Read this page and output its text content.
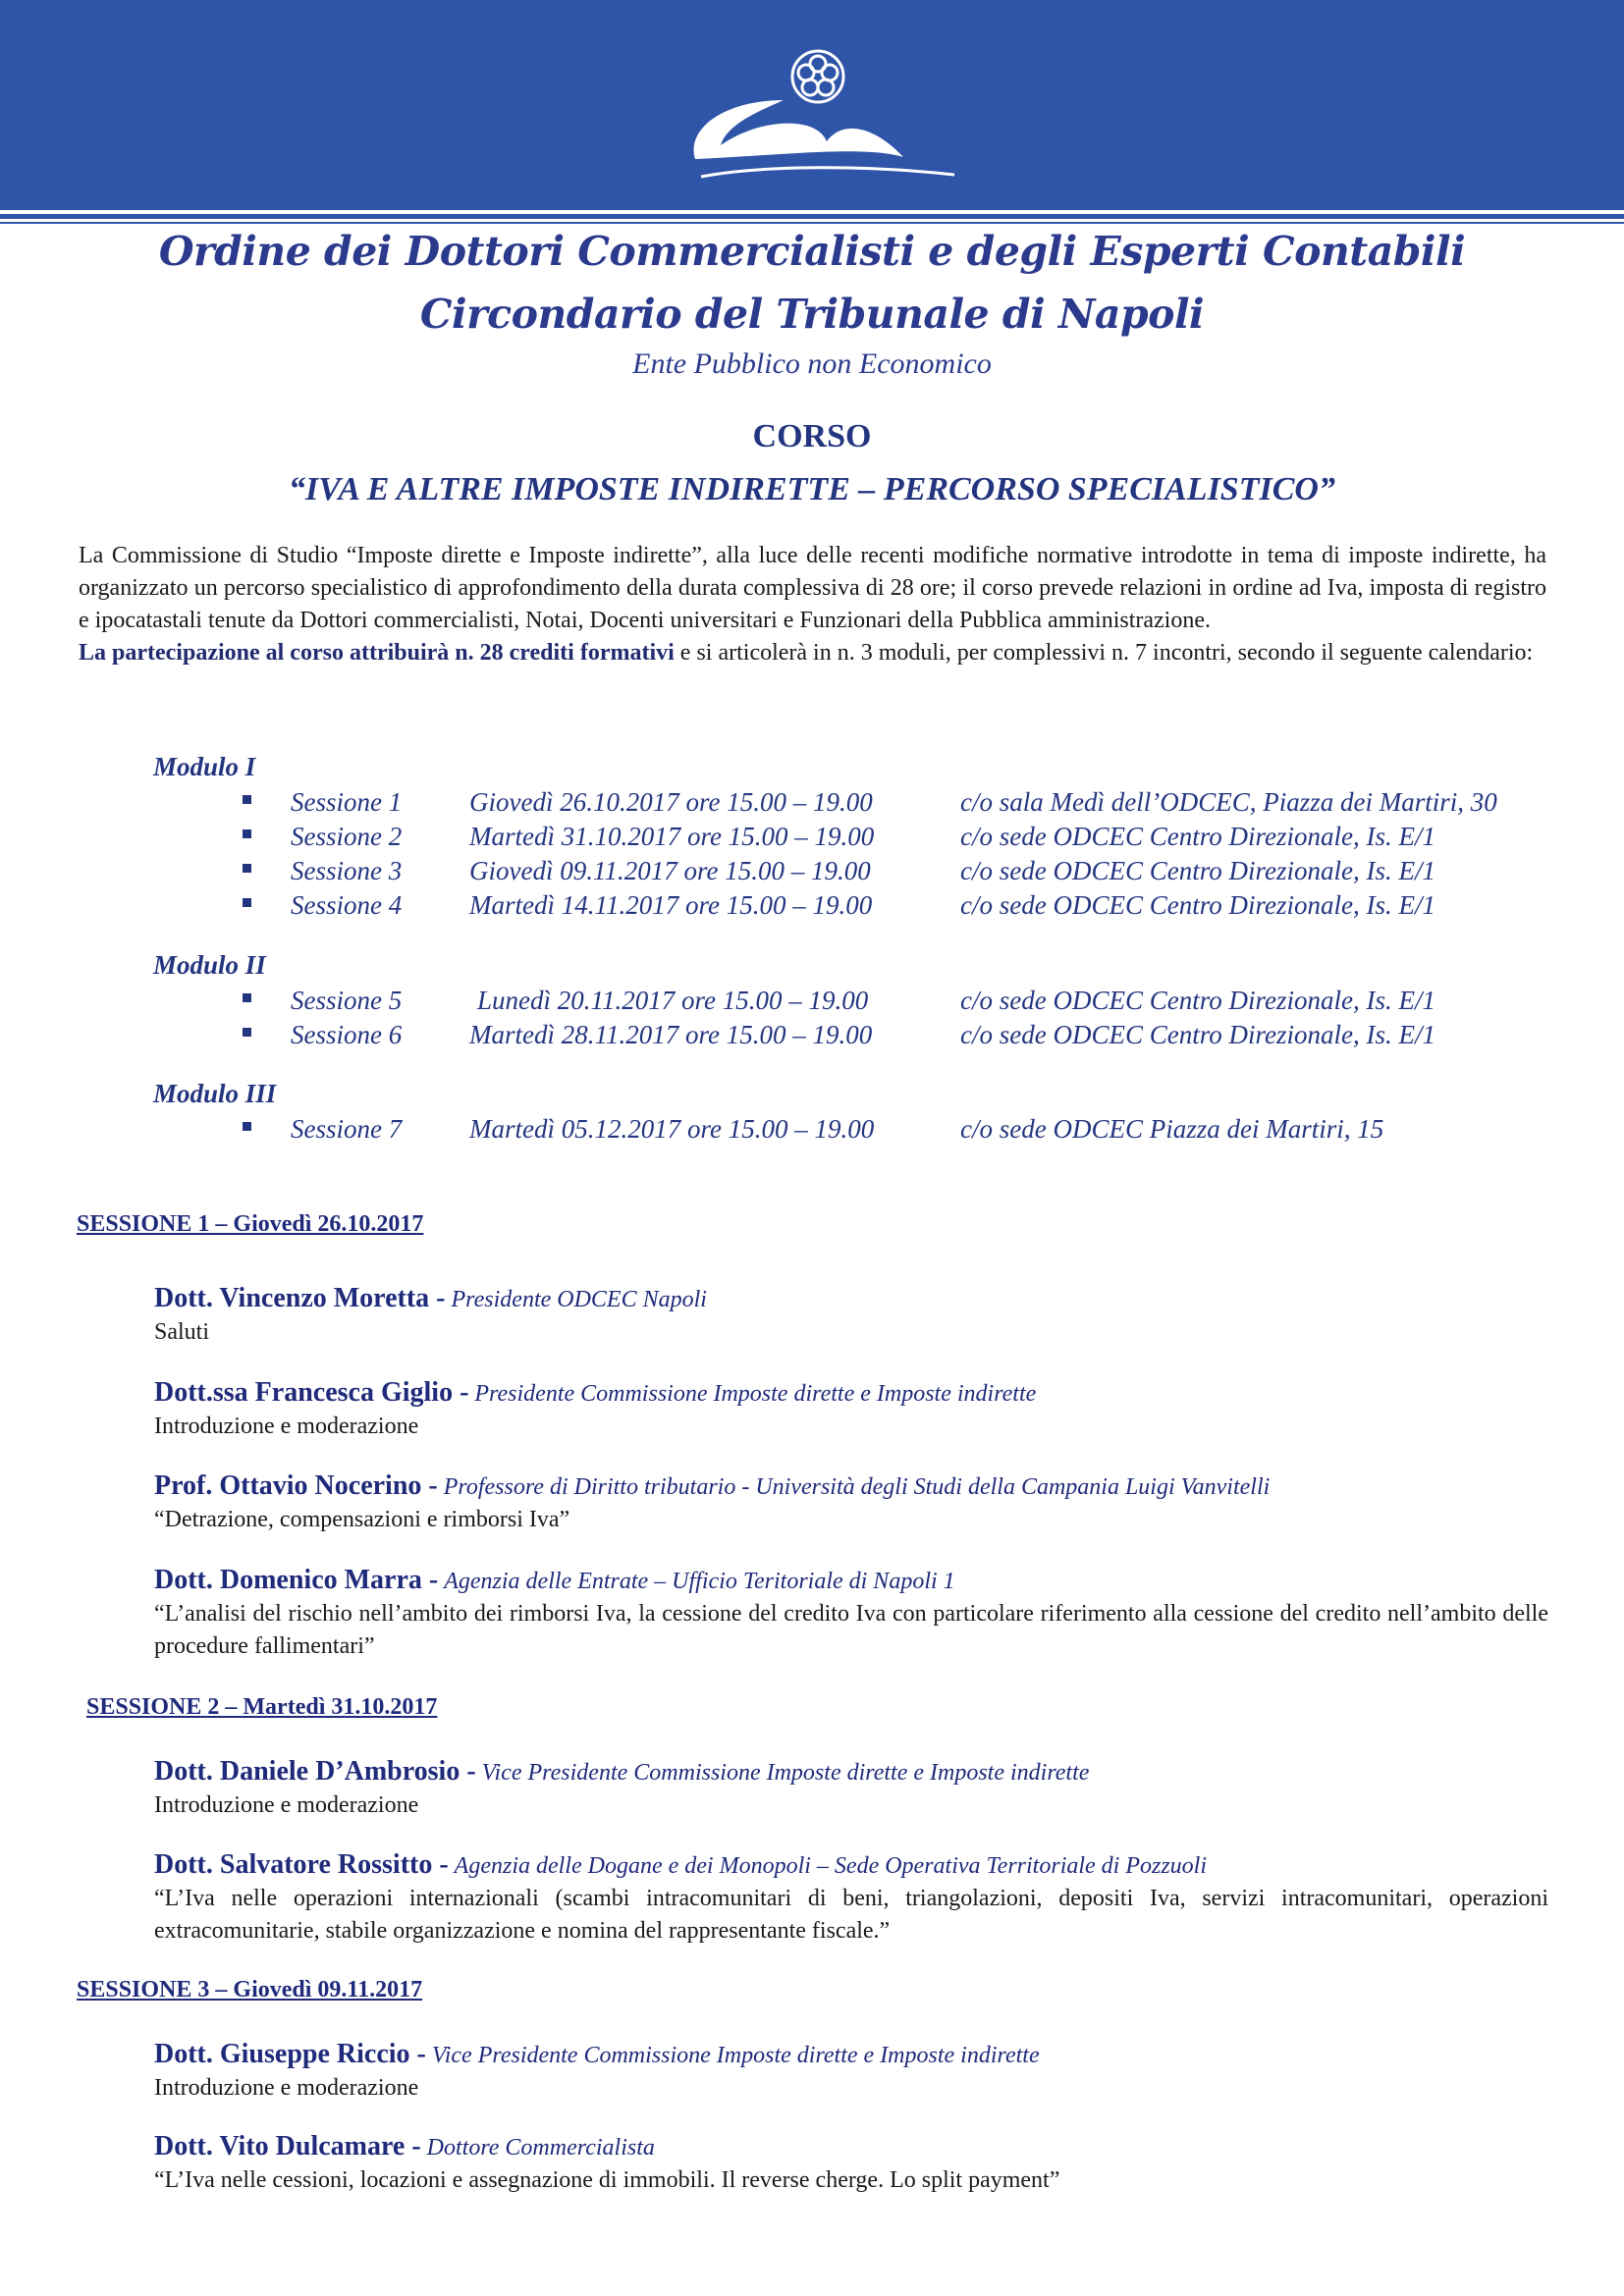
Ordine dei Dottori Commercialisti e degli Esperti Contabili
Circondario del Tribunale di Napoli
Ente Pubblico non Economico
CORSO
“IVA E ALTRE IMPOSTE INDIRETTE – PERCORSO SPECIALISTICO”
La Commissione di Studio “Imposte dirette e Imposte indirette”, alla luce delle recenti modifiche normative introdotte in tema di imposte indirette, ha organizzato un percorso specialistico di approfondimento della durata complessiva di 28 ore; il corso prevede relazioni in ordine ad Iva, imposta di registro e ipocatastali tenute da Dottori commercialisti, Notai, Docenti universitari e Funzionari della Pubblica amministrazione.
La partecipazione al corso attribuirà n. 28 crediti formativi e si articolerà in n. 3 moduli, per complessivi n. 7 incontri, secondo il seguente calendario:
Modulo I
Sessione 1	Giovedì 26.10.2017 ore 15.00 – 19.00	c/o sala Medì dell’ODCEC, Piazza dei Martiri, 30
Sessione 2	Martedì 31.10.2017 ore 15.00 – 19.00	c/o sede ODCEC Centro Direzionale, Is. E/1
Sessione 3	Giovedì 09.11.2017 ore 15.00 – 19.00	c/o sede ODCEC Centro Direzionale, Is. E/1
Sessione 4	Martedì 14.11.2017 ore 15.00 – 19.00	c/o sede ODCEC Centro Direzionale, Is. E/1
Modulo II
Sessione 5	Lunedì 20.11.2017 ore 15.00 – 19.00	c/o sede ODCEC Centro Direzionale, Is. E/1
Sessione 6	Martedì 28.11.2017 ore 15.00 – 19.00	c/o sede ODCEC Centro Direzionale, Is. E/1
Modulo III
Sessione 7	Martedì 05.12.2017 ore 15.00 – 19.00	c/o sede ODCEC Piazza dei Martiri, 15
SESSIONE 1 – Giovedì 26.10.2017
Dott. Vincenzo Moretta - Presidente ODCEC Napoli
Saluti
Dott.ssa Francesca Giglio - Presidente Commissione Imposte dirette e Imposte indirette
Introduzione e moderazione
Prof. Ottavio Nocerino - Professore di Diritto tributario - Università degli Studi della Campania Luigi Vanvitelli
“Detrazione, compensazioni e rimborsi Iva”
Dott. Domenico Marra - Agenzia delle Entrate – Ufficio Teritoriale di Napoli 1
“L’analisi del rischio nell’ambito dei rimborsi Iva, la cessione del credito Iva con particolare riferimento alla cessione del credito nell’ambito delle procedure fallimentari”
SESSIONE 2 – Martedì 31.10.2017
Dott. Daniele D’Ambrosio - Vice Presidente Commissione Imposte dirette e Imposte indirette
Introduzione e moderazione
Dott. Salvatore Rossitto - Agenzia delle Dogane e dei Monopoli – Sede Operativa Territoriale di Pozzuoli
“L’Iva nelle operazioni internazionali (scambi intracomunitari di beni, triangolazioni, depositi Iva, servizi intracomunitari, operazioni extracomunitarie, stabile organizzazione e nomina del rappresentante fiscale.”
SESSIONE 3 – Giovedì 09.11.2017
Dott. Giuseppe Riccio - Vice Presidente Commissione Imposte dirette e Imposte indirette
Introduzione e moderazione
Dott. Vito Dulcamare - Dottore Commercialista
“L’Iva nelle cessioni, locazioni e assegnazione di immobili. Il reverse cherge. Lo split payment”
